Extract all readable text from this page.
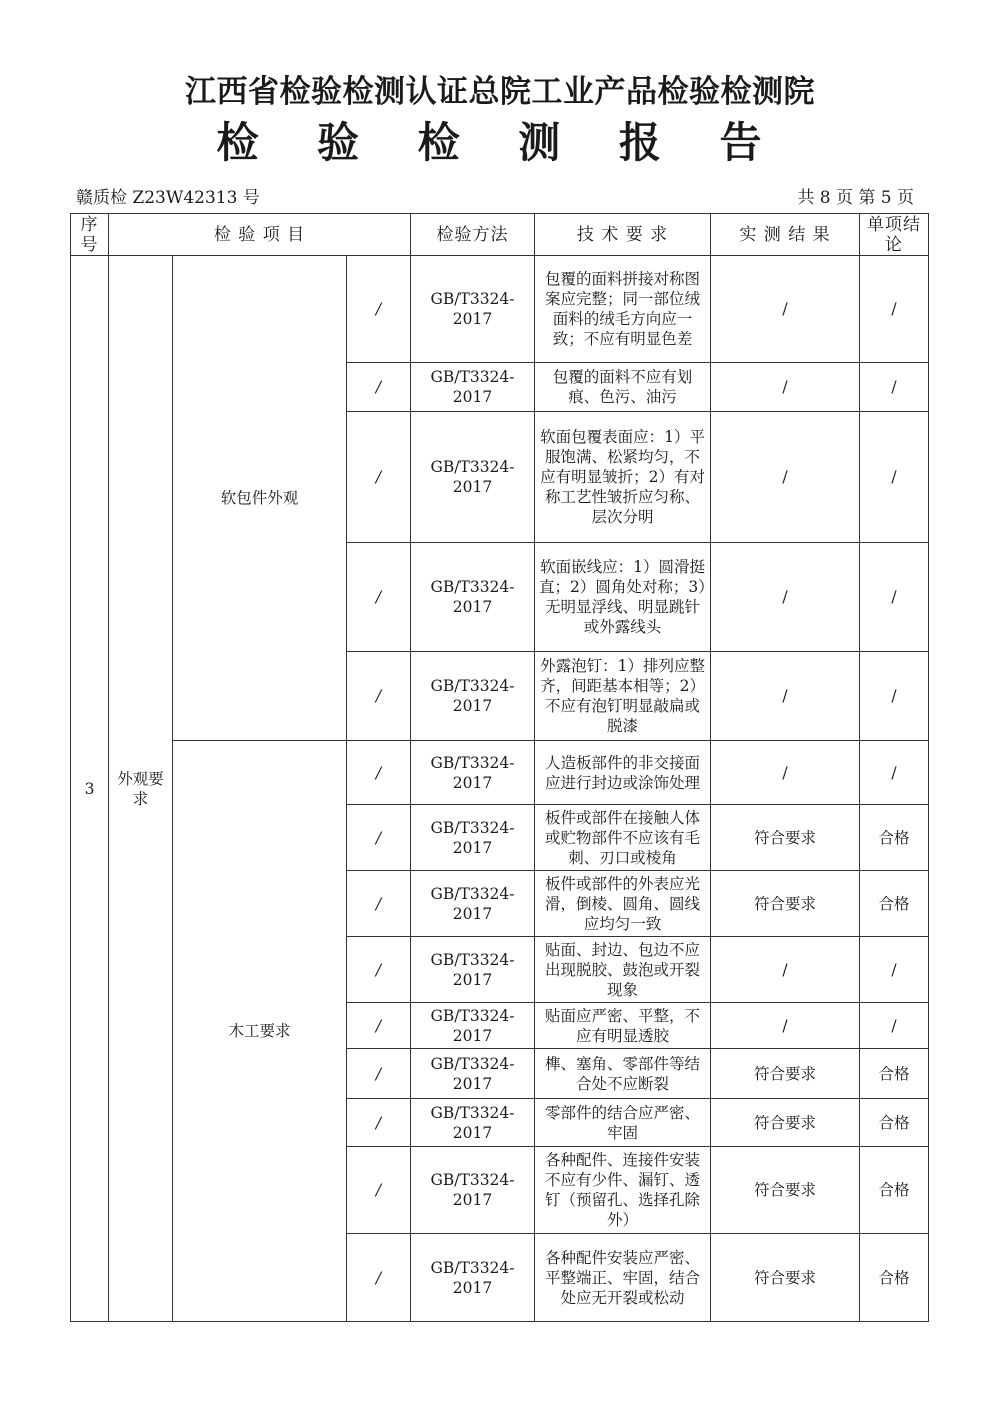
江西省检验检测认证总院工业产品检验检测院
检 验 检 测 报 告
赣质检 Z23W42313 号	共 8 页 第 5 页
序号	检 验 项 目			检验方法	技 术 要 求	实 测 结 果	单项结论
3	外观要求	软包件外观	/	GB/T3324-2017	包覆的面料拼接对称图案应完整；同一部位绒面料的绒毛方向应一致；不应有明显色差	/	/
			/	GB/T3324-2017	包覆的面料不应有划痕、色污、油污	/	/
			/	GB/T3324-2017	软面包覆表面应：1）平服饱满、松紧均匀，不应有明显皱折；2）有对称工艺性皱折应匀称、层次分明	/	/
			/	GB/T3324-2017	软面嵌线应：1）圆滑挺直；2）圆角处对称；3）无明显浮线、明显跳针或外露线头	/	/
			/	GB/T3324-2017	外露泡钉：1）排列应整齐，间距基本相等；2）不应有泡钉明显敲扁或脱漆	/	/
		木工要求	/	GB/T3324-2017	人造板部件的非交接面应进行封边或涂饰处理	/	/
			/	GB/T3324-2017	板件或部件在接触人体或贮物部件不应该有毛刺、刃口或棱角	符合要求	合格
			/	GB/T3324-2017	板件或部件的外表应光滑，倒棱、圆角、圆线应均匀一致	符合要求	合格
			/	GB/T3324-2017	贴面、封边、包边不应出现脱胶、鼓泡或开裂现象	/	/
			/	GB/T3324-2017	贴面应严密、平整，不应有明显透胶	/	/
			/	GB/T3324-2017	榫、塞角、零部件等结合处不应断裂	符合要求	合格
			/	GB/T3324-2017	零部件的结合应严密、牢固	符合要求	合格
			/	GB/T3324-2017	各种配件、连接件安装不应有少件、漏钉、透钉（预留孔、选择孔除外）	符合要求	合格
			/	GB/T3324-2017	各种配件安装应严密、平整端正、牢固，结合处应无开裂或松动	符合要求	合格
